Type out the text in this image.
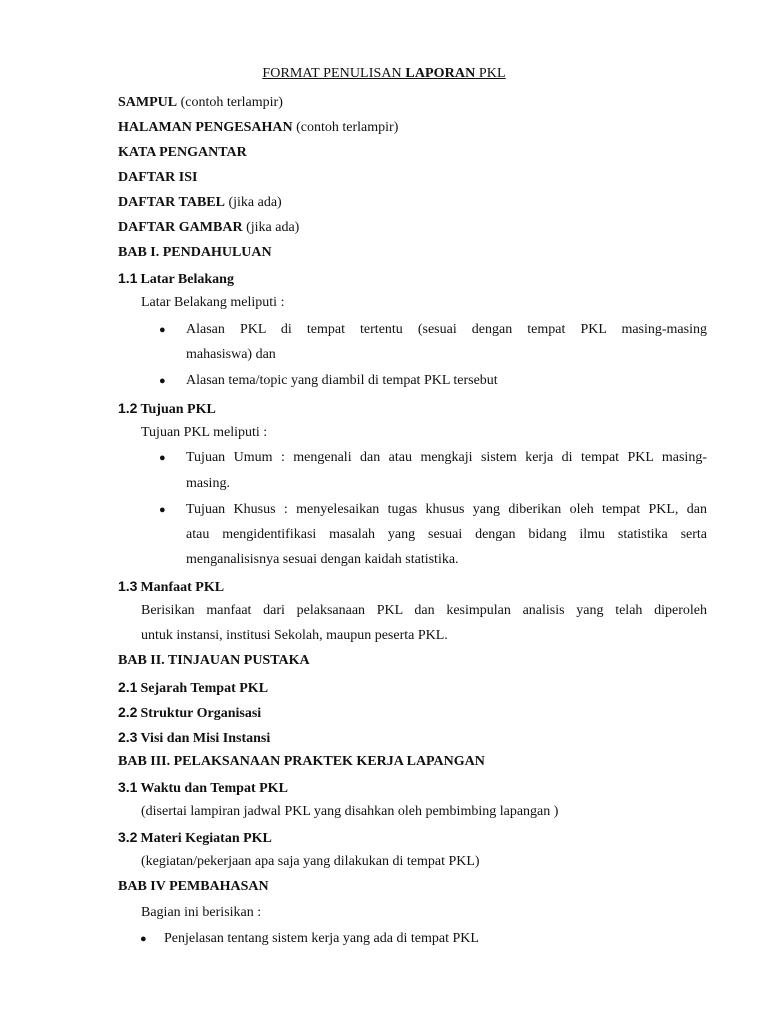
FORMAT PENULISAN LAPORAN PKL
SAMPUL (contoh terlampir)
HALAMAN PENGESAHAN (contoh terlampir)
KATA PENGANTAR
DAFTAR ISI
DAFTAR TABEL (jika ada)
DAFTAR GAMBAR (jika ada)
BAB I. PENDAHULUAN
1.1 Latar Belakang
Latar Belakang meliputi :
● Alasan PKL di tempat tertentu (sesuai dengan tempat PKL masing-masing
mahasiswa) dan
● Alasan tema/topic yang diambil di tempat PKL tersebut
1.2 Tujuan PKL
Tujuan PKL meliputi :
● Tujuan Umum : mengenali dan atau mengkaji sistem kerja di tempat PKL masing-
masing.
● Tujuan Khusus : menyelesaikan tugas khusus yang diberikan oleh tempat PKL, dan
atau mengidentifikasi masalah yang sesuai dengan bidang ilmu statistika serta
menganalisisnya sesuai dengan kaidah statistika.
1.3 Manfaat PKL
Berisikan manfaat dari pelaksanaan PKL dan kesimpulan analisis yang telah diperoleh
untuk instansi, institusi Sekolah, maupun peserta PKL.
BAB II. TINJAUAN PUSTAKA
2.1 Sejarah Tempat PKL
2.2 Struktur Organisasi
2.3 Visi dan Misi Instansi
BAB III. PELAKSANAAN PRAKTEK KERJA LAPANGAN
3.1 Waktu dan Tempat PKL
(disertai lampiran jadwal PKL yang disahkan oleh pembimbing lapangan )
3.2 Materi Kegiatan PKL
(kegiatan/pekerjaan apa saja yang dilakukan di tempat PKL)
BAB IV PEMBAHASAN
Bagian ini berisikan :
● Penjelasan tentang sistem kerja yang ada di tempat PKL
